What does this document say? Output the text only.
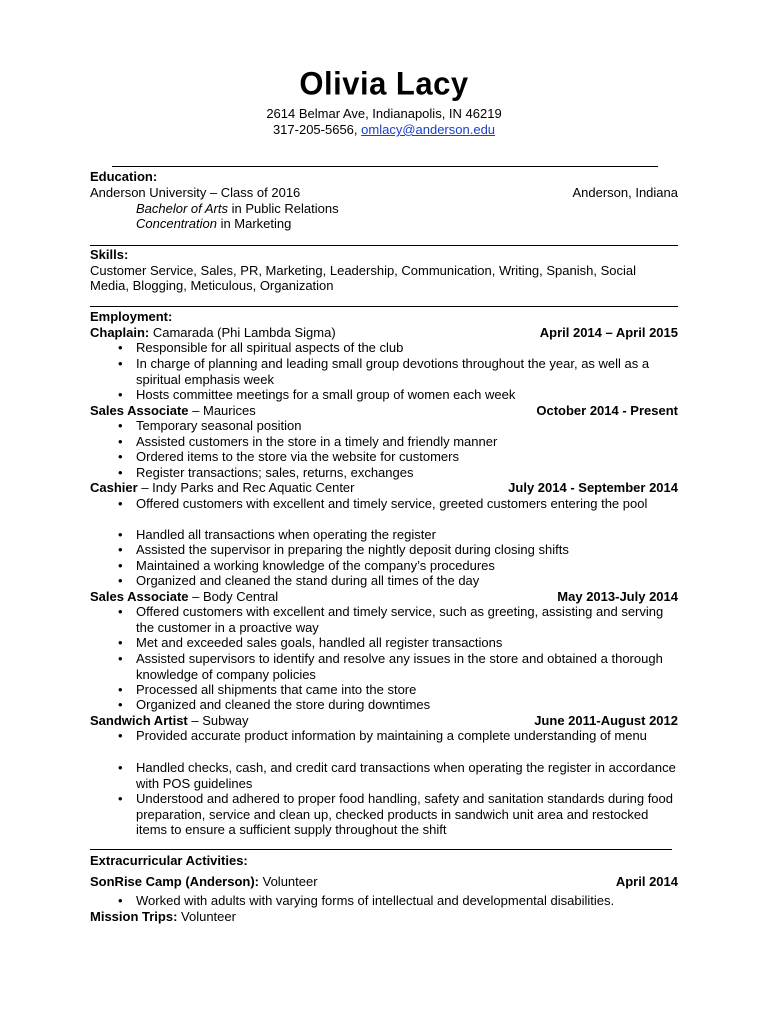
Olivia Lacy
2614 Belmar Ave, Indianapolis, IN 46219
317-205-5656, omlacy@anderson.edu
Education:
Anderson University – Class of 2016	Anderson, Indiana
Bachelor of Arts in Public Relations
Concentration in Marketing
Skills:
Customer Service, Sales, PR, Marketing, Leadership, Communication, Writing, Spanish, Social
Media, Blogging, Meticulous, Organization
Employment:
Chaplain: Camarada (Phi Lambda Sigma)	April 2014 – April 2015
• Responsible for all spiritual aspects of the club
• In charge of planning and leading small group devotions throughout the year, as well as a spiritual emphasis week
• Hosts committee meetings for a small group of women each week
Sales Associate – Maurices	October 2014 - Present
• Temporary seasonal position
• Assisted customers in the store in a timely and friendly manner
• Ordered items to the store via the website for customers
• Register transactions; sales, returns, exchanges
Cashier – Indy Parks and Rec Aquatic Center	July 2014 - September 2014
• Offered customers with excellent and timely service, greeted customers entering the pool
• Handled all transactions when operating the register
• Assisted the supervisor in preparing the nightly deposit during closing shifts
• Maintained a working knowledge of the company’s procedures
• Organized and cleaned the stand during all times of the day
Sales Associate – Body Central	May 2013-July 2014
• Offered customers with excellent and timely service, such as greeting, assisting and serving the customer in a proactive way
• Met and exceeded sales goals, handled all register transactions
• Assisted supervisors to identify and resolve any issues in the store and obtained a thorough knowledge of company policies
• Processed all shipments that came into the store
• Organized and cleaned the store during downtimes
Sandwich Artist – Subway	June 2011-August 2012
• Provided accurate product information by maintaining a complete understanding of menu
• Handled checks, cash, and credit card transactions when operating the register in accordance with POS guidelines
• Understood and adhered to proper food handling, safety and sanitation standards during food preparation, service and clean up, checked products in sandwich unit area and restocked items to ensure a sufficient supply throughout the shift
Extracurricular Activities:
SonRise Camp (Anderson): Volunteer	April 2014
• Worked with adults with varying forms of intellectual and developmental disabilities.
Mission Trips: Volunteer
